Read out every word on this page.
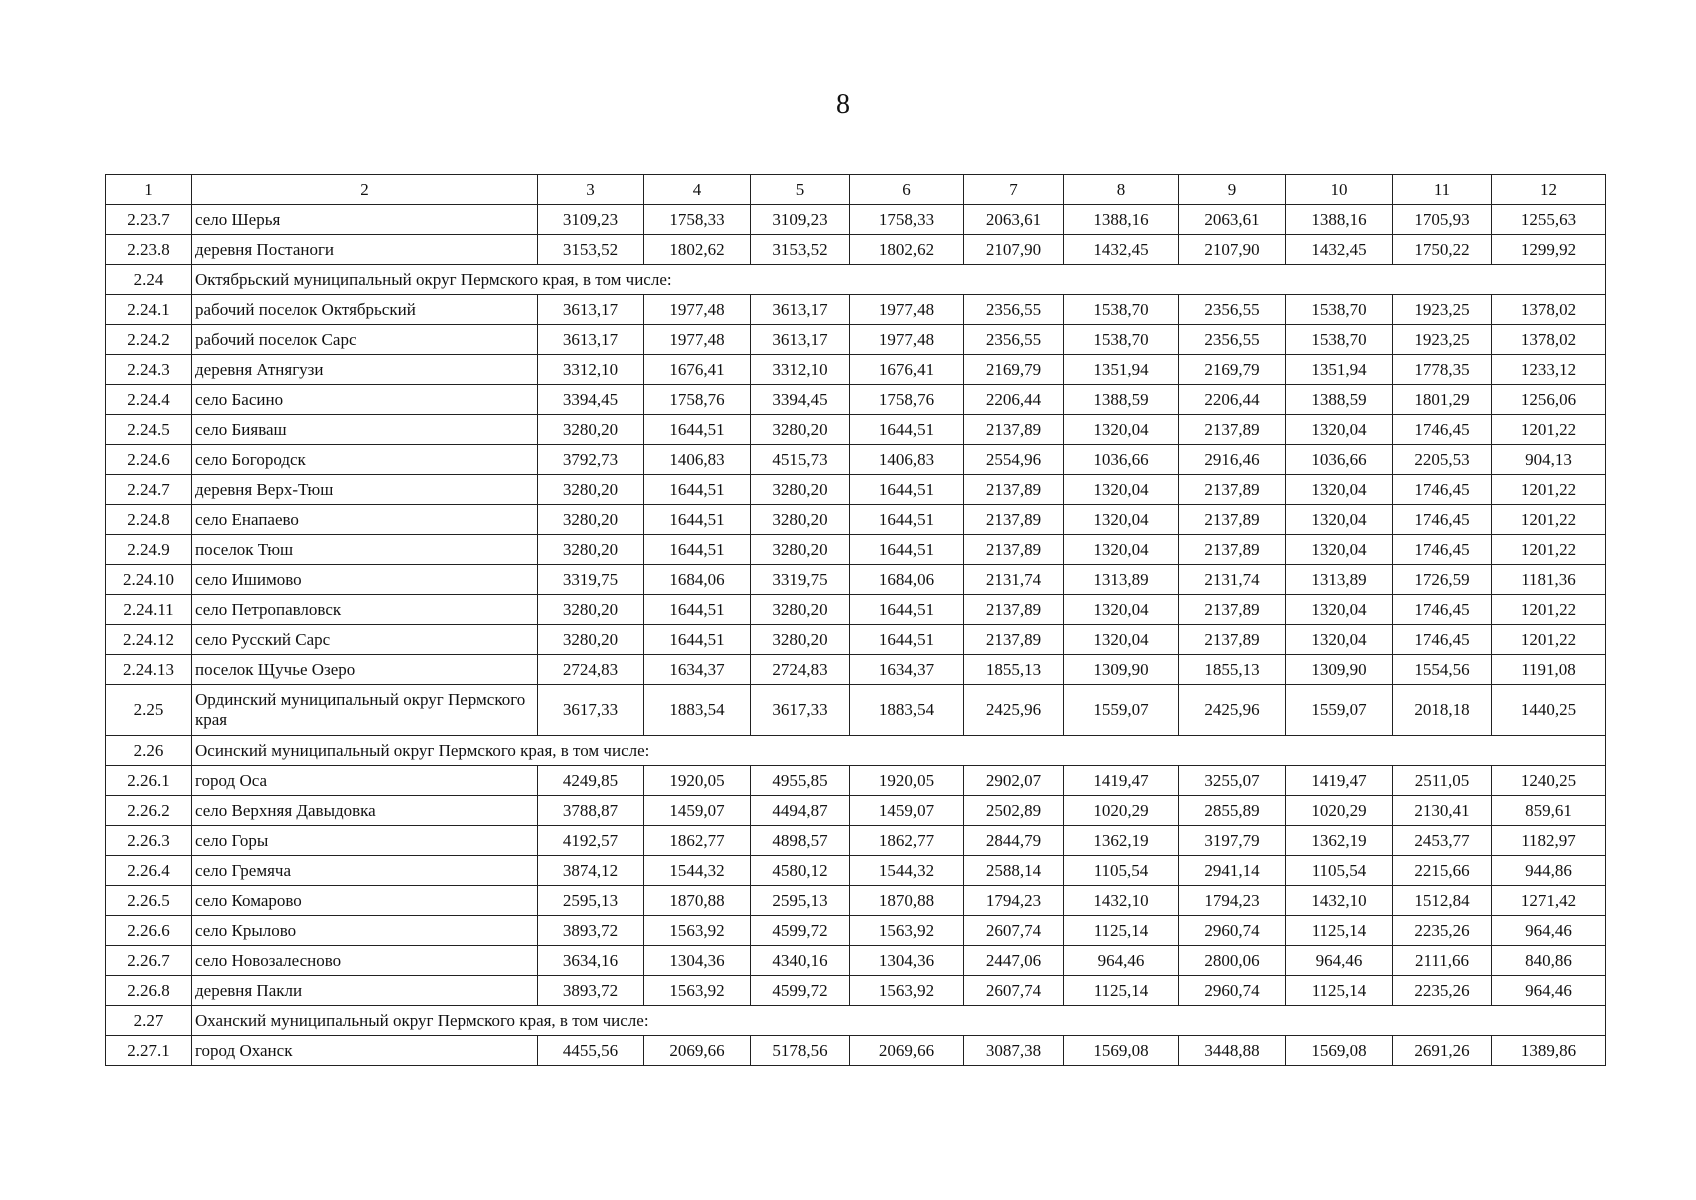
8
1	2	3	4	5	6	7	8	9	10	11	12
2.23.7	село Шерья	3109,23	1758,33	3109,23	1758,33	2063,61	1388,16	2063,61	1388,16	1705,93	1255,63
2.23.8	деревня Постаноги	3153,52	1802,62	3153,52	1802,62	2107,90	1432,45	2107,90	1432,45	1750,22	1299,92
2.24	Октябрьский муниципальный округ Пермского края, в том числе:										
2.24.1	рабочий поселок Октябрьский	3613,17	1977,48	3613,17	1977,48	2356,55	1538,70	2356,55	1538,70	1923,25	1378,02
2.24.2	рабочий поселок Сарс	3613,17	1977,48	3613,17	1977,48	2356,55	1538,70	2356,55	1538,70	1923,25	1378,02
2.24.3	деревня Атнягузи	3312,10	1676,41	3312,10	1676,41	2169,79	1351,94	2169,79	1351,94	1778,35	1233,12
2.24.4	село Басино	3394,45	1758,76	3394,45	1758,76	2206,44	1388,59	2206,44	1388,59	1801,29	1256,06
2.24.5	село Бияваш	3280,20	1644,51	3280,20	1644,51	2137,89	1320,04	2137,89	1320,04	1746,45	1201,22
2.24.6	село Богородск	3792,73	1406,83	4515,73	1406,83	2554,96	1036,66	2916,46	1036,66	2205,53	904,13
2.24.7	деревня Верх-Тюш	3280,20	1644,51	3280,20	1644,51	2137,89	1320,04	2137,89	1320,04	1746,45	1201,22
2.24.8	село Енапаево	3280,20	1644,51	3280,20	1644,51	2137,89	1320,04	2137,89	1320,04	1746,45	1201,22
2.24.9	поселок Тюш	3280,20	1644,51	3280,20	1644,51	2137,89	1320,04	2137,89	1320,04	1746,45	1201,22
2.24.10	село Ишимово	3319,75	1684,06	3319,75	1684,06	2131,74	1313,89	2131,74	1313,89	1726,59	1181,36
2.24.11	село Петропавловск	3280,20	1644,51	3280,20	1644,51	2137,89	1320,04	2137,89	1320,04	1746,45	1201,22
2.24.12	село Русский Сарс	3280,20	1644,51	3280,20	1644,51	2137,89	1320,04	2137,89	1320,04	1746,45	1201,22
2.24.13	поселок Щучье Озеро	2724,83	1634,37	2724,83	1634,37	1855,13	1309,90	1855,13	1309,90	1554,56	1191,08
2.25	Ординский муниципальный округ Пермского края	3617,33	1883,54	3617,33	1883,54	2425,96	1559,07	2425,96	1559,07	2018,18	1440,25
2.26	Осинский муниципальный округ Пермского края, в том числе:										
2.26.1	город Оса	4249,85	1920,05	4955,85	1920,05	2902,07	1419,47	3255,07	1419,47	2511,05	1240,25
2.26.2	село Верхняя Давыдовка	3788,87	1459,07	4494,87	1459,07	2502,89	1020,29	2855,89	1020,29	2130,41	859,61
2.26.3	село Горы	4192,57	1862,77	4898,57	1862,77	2844,79	1362,19	3197,79	1362,19	2453,77	1182,97
2.26.4	село Гремяча	3874,12	1544,32	4580,12	1544,32	2588,14	1105,54	2941,14	1105,54	2215,66	944,86
2.26.5	село Комарово	2595,13	1870,88	2595,13	1870,88	1794,23	1432,10	1794,23	1432,10	1512,84	1271,42
2.26.6	село Крылово	3893,72	1563,92	4599,72	1563,92	2607,74	1125,14	2960,74	1125,14	2235,26	964,46
2.26.7	село Новозалесново	3634,16	1304,36	4340,16	1304,36	2447,06	964,46	2800,06	964,46	2111,66	840,86
2.26.8	деревня Пакли	3893,72	1563,92	4599,72	1563,92	2607,74	1125,14	2960,74	1125,14	2235,26	964,46
2.27	Оханский муниципальный округ Пермского края, в том числе:										
2.27.1	город Оханск	4455,56	2069,66	5178,56	2069,66	3087,38	1569,08	3448,88	1569,08	2691,26	1389,86
